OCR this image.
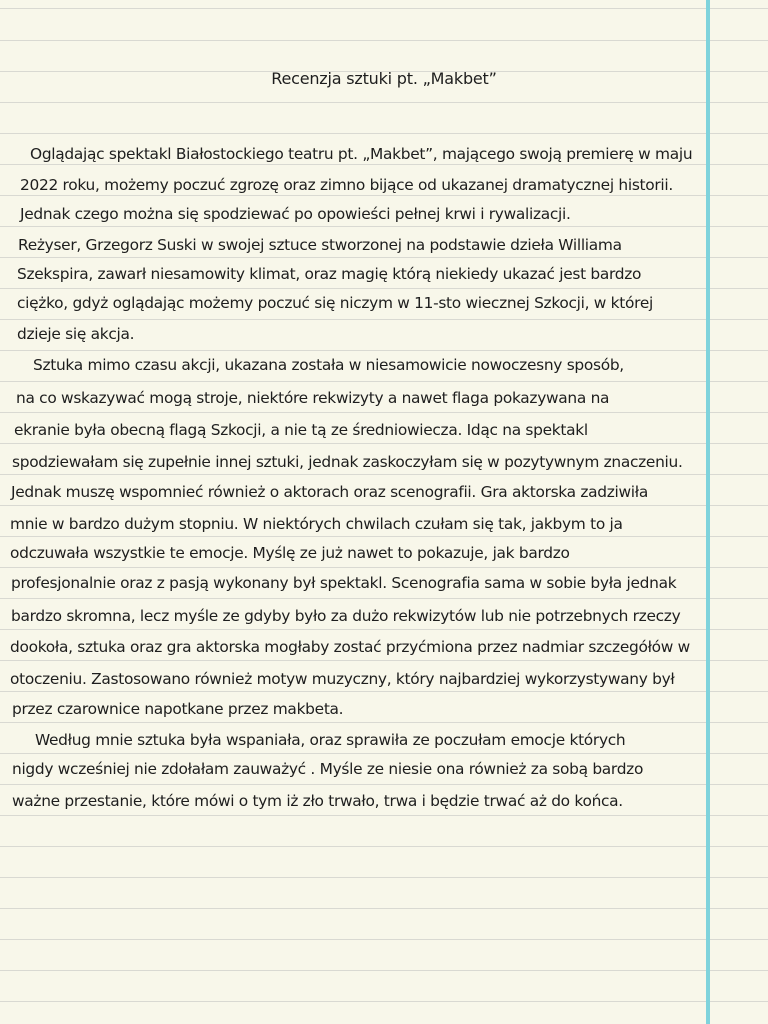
Recenzja sztuki pt. „Makbet”
Oglądając spektakl Białostockiego teatru pt. „Makbet”, mającego swoją premierę w maju
2022 roku, możemy poczuć zgrozę oraz zimno bijące od ukazanej dramatycznej historii.
Jednak czego można się spodziewać po opowieści pełnej krwi i rywalizacji.
Reżyser, Grzegorz Suski w swojej sztuce stworzonej na podstawie dzieła Williama
Szekspira, zawarł niesamowity klimat, oraz magię którą niekiedy ukazać jest bardzo
ciężko, gdyż oglądając możemy poczuć się niczym w 11-sto wiecznej Szkocji, w której
dzieje się akcja.
Sztuka mimo czasu akcji, ukazana została w niesamowicie nowoczesny sposób,
na co wskazywać mogą stroje, niektóre rekwizyty a nawet flaga pokazywana na
ekranie była obecną flagą Szkocji, a nie tą ze średniowiecza. Idąc na spektakl
spodziewałam się zupełnie innej sztuki, jednak zaskoczyłam się w pozytywnym znaczeniu.
Jednak muszę wspomnieć również o aktorach oraz scenografii. Gra aktorska zadziwiła
mnie w bardzo dużym stopniu. W niektórych chwilach czułam się tak, jakbym to ja
odczuwała wszystkie te emocje. Myślę ze już nawet to pokazuje, jak bardzo
profesjonalnie oraz z pasją wykonany był spektakl. Scenografia sama w sobie była jednak
bardzo skromna, lecz myśle ze gdyby było za dużo rekwizytów lub nie potrzebnych rzeczy
dookoła, sztuka oraz gra aktorska mogłaby zostać przyćmiona przez nadmiar szczegółów w
otoczeniu. Zastosowano również motyw muzyczny, który najbardziej wykorzystywany był
przez czarownice napotkane przez makbeta.
Według mnie sztuka była wspaniała, oraz sprawiła ze poczułam emocje których
nigdy wcześniej nie zdołałam zauważyć . Myśle ze niesie ona również za sobą bardzo
ważne przestanie, które mówi o tym iż zło trwało, trwa i będzie trwać aż do końca.
